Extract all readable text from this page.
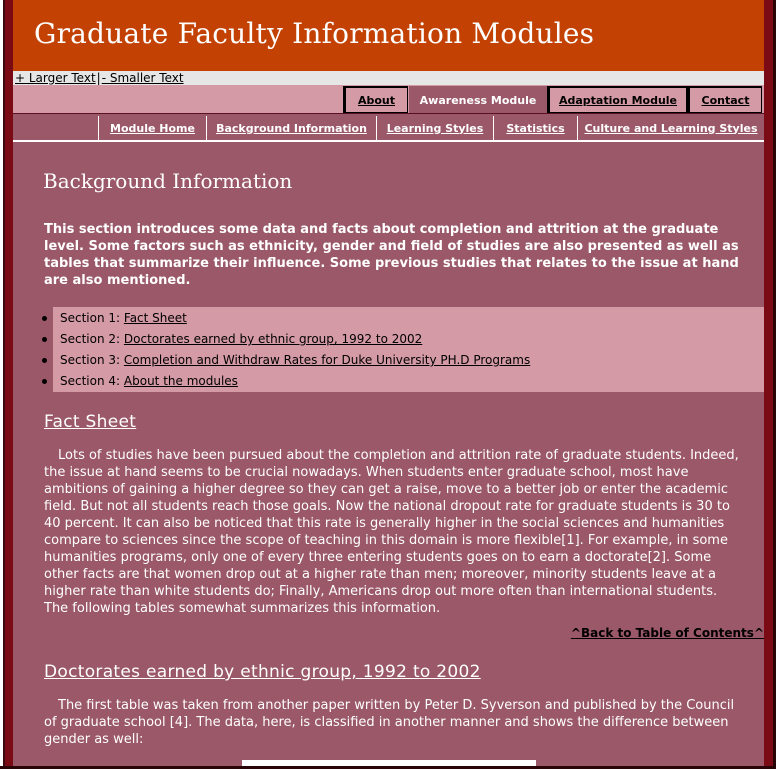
Graduate Faculty Information Modules
+ Larger Text|- Smaller Text
About	Awareness Module	Adaptation Module	Contact
Module Home	Background Information	Learning Styles	Statistics	Culture and Learning Styles
Background Information

This section introduces some data and facts about completion and attrition at the graduate level. Some factors such as ethnicity, gender and field of studies are also presented as well as tables that summarize their influence. Some previous studies that relates to the issue at hand are also mentioned.

Section 1: Fact Sheet
Section 2: Doctorates earned by ethnic group, 1992 to 2002
Section 3: Completion and Withdraw Rates for Duke University PH.D Programs
Section 4: About the modules
Fact Sheet

Lots of studies have been pursued about the completion and attrition rate of graduate students. Indeed, the issue at hand seems to be crucial nowadays. When students enter graduate school, most have ambitions of gaining a higher degree so they can get a raise, move to a better job or enter the academic field. But not all students reach those goals. Now the national dropout rate for graduate students is 30 to 40 percent. It can also be noticed that this rate is generally higher in the social sciences and humanities compare to sciences since the scope of teaching in this domain is more flexible[1]. For example, in some humanities programs, only one of every three entering students goes on to earn a doctorate[2]. Some other facts are that women drop out at a higher rate than men; moreover, minority students leave at a higher rate than white students do; Finally, Americans drop out more often than international students. The following tables somewhat summarizes this information.

^Back to Table of Contents^
Doctorates earned by ethnic group, 1992 to 2002

The first table was taken from another paper written by Peter D. Syverson and published by the Council of graduate school [4]. The data, here, is classified in another manner and shows the difference between gender as well:
